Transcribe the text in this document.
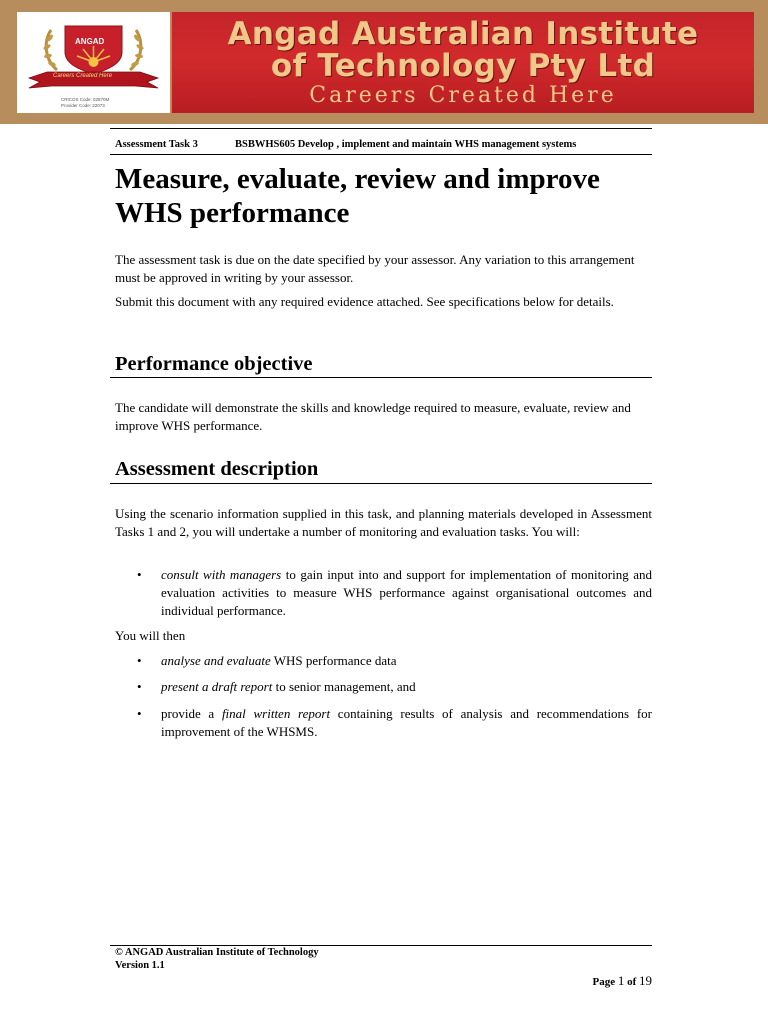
ANGAD
Careers Created Here
CRICOS Code: 02870M
Provider Code: 22073
Angad Australian Institute
of Technology Pty Ltd
Careers Created Here
Assessment Task 3	BSBWHS605 Develop , implement and maintain WHS management systems
Measure, evaluate, review and improve WHS performance

The assessment task is due on the date specified by your assessor. Any variation to this arrangement must be approved in writing by your assessor.

Submit this document with any required evidence attached. See specifications below for details.

Performance objective

The candidate will demonstrate the skills and knowledge required to measure, evaluate, review and improve WHS performance.

Assessment description

Using the scenario information supplied in this task, and planning materials developed in Assessment Tasks 1 and 2, you will undertake a number of monitoring and evaluation tasks. You will:

• consult with managers to gain input into and support for implementation of monitoring and evaluation activities to measure WHS performance against organisational outcomes and individual performance.

You will then

• analyse and evaluate WHS performance data

• present a draft report to senior management, and

• provide a final written report containing results of analysis and recommendations for improvement of the WHSMS.

© ANGAD Australian Institute of Technology
Version 1.1
Page 1 of 19
